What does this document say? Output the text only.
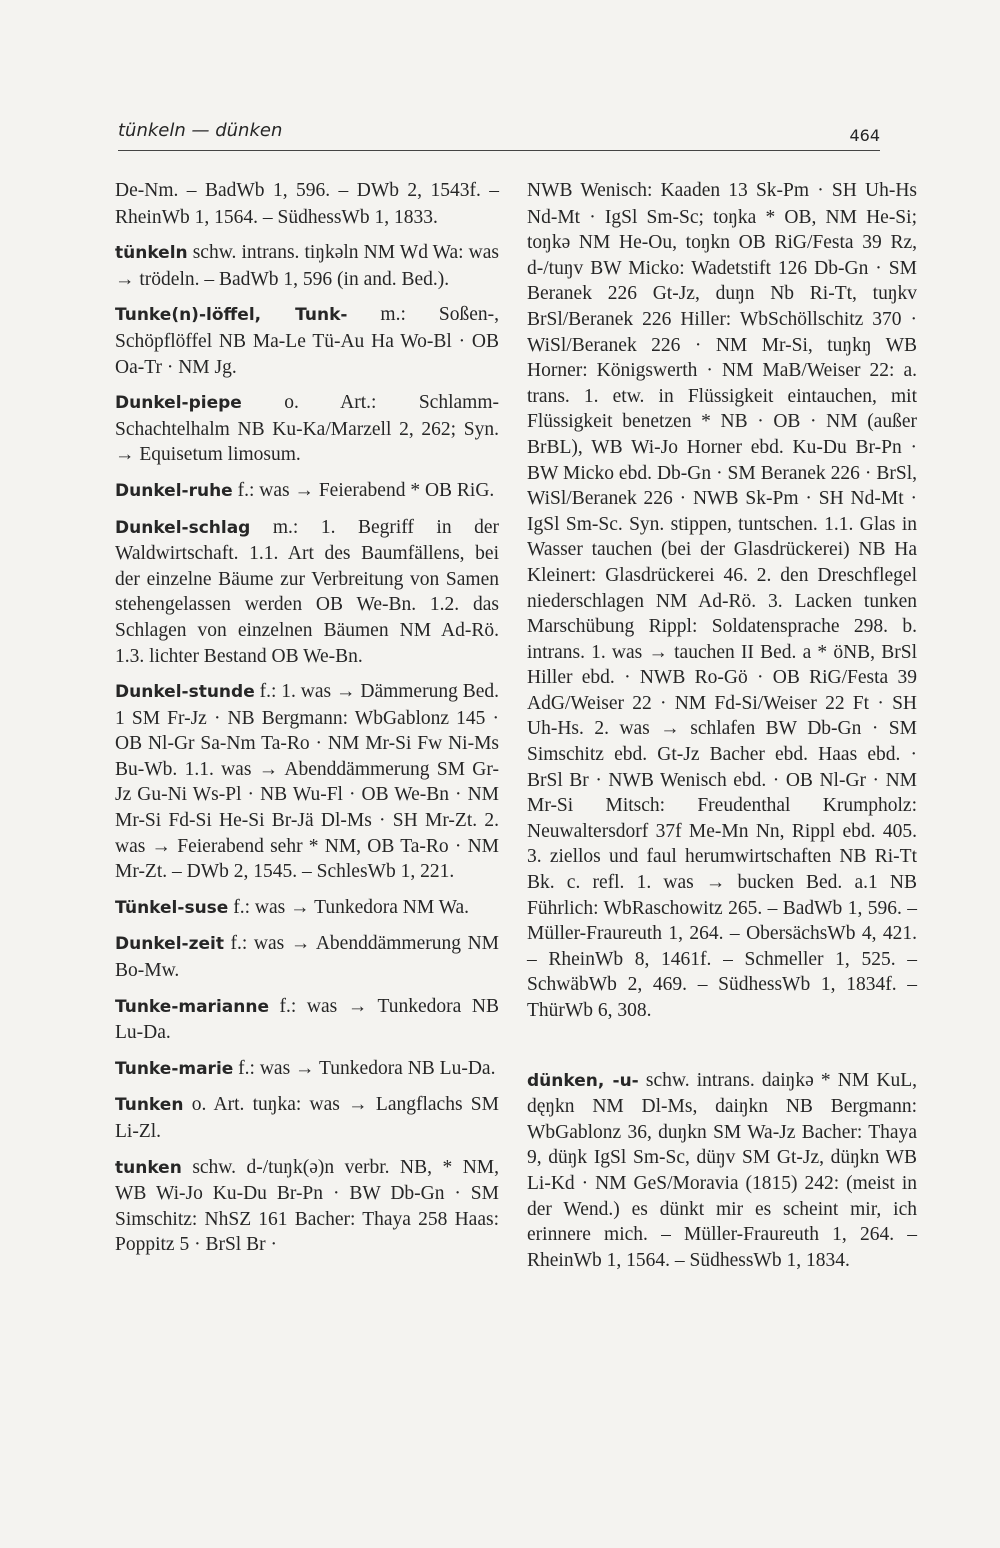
tünkeln — dünken	464

De-Nm. – BadWb 1, 596. – DWb 2, 1543f. – RheinWb 1, 1564. – SüdhessWb 1, 1833.

tünkeln schw. intrans. tiŋkəln NM Wd Wa: was → trödeln. – BadWb 1, 596 (in and. Bed.).

Tunke(n)-löffel, Tunk- m.: Soßen-, Schöpflöffel NB Ma-Le Tü-Au Ha Wo-Bl · OB Oa-Tr · NM Jg.

Dunkel-piepe o. Art.: Schlamm-Schachtelhalm NB Ku-Ka/Marzell 2, 262; Syn. → Equisetum limosum.

Dunkel-ruhe f.: was → Feierabend * OB RiG.

Dunkel-schlag m.: 1. Begriff in der Waldwirtschaft. 1.1. Art des Baumfällens, bei der einzelne Bäume zur Verbreitung von Samen stehengelassen werden OB We-Bn. 1.2. das Schlagen von einzelnen Bäumen NM Ad-Rö. 1.3. lichter Bestand OB We-Bn.

Dunkel-stunde f.: 1. was → Dämmerung Bed. 1 SM Fr-Jz · NB Bergmann: WbGablonz 145 · OB Nl-Gr Sa-Nm Ta-Ro · NM Mr-Si Fw Ni-Ms Bu-Wb. 1.1. was → Abenddämmerung SM Gr-Jz Gu-Ni Ws-Pl · NB Wu-Fl · OB We-Bn · NM Mr-Si Fd-Si He-Si Br-Jä Dl-Ms · SH Mr-Zt. 2. was → Feierabend sehr * NM, OB Ta-Ro · NM Mr-Zt. – DWb 2, 1545. – SchlesWb 1, 221.

Tünkel-suse f.: was → Tunkedora NM Wa.

Dunkel-zeit f.: was → Abenddämmerung NM Bo-Mw.

Tunke-marianne f.: was → Tunkedora NB Lu-Da.

Tunke-marie f.: was → Tunkedora NB Lu-Da.

Tunken o. Art. tuŋka: was → Langflachs SM Li-Zl.

tunken schw. d-/tuŋk(ə)n verbr. NB, * NM, WB Wi-Jo Ku-Du Br-Pn · BW Db-Gn · SM Simschitz: NhSZ 161 Bacher: Thaya 258 Haas: Poppitz 5 · BrSl Br ·

NWB Wenisch: Kaaden 13 Sk-Pm · SH Uh-Hs Nd-Mt · IgSl Sm-Sc; toŋka * OB, NM He-Si; toŋkə NM He-Ou, toŋkn OB RiG/Festa 39 Rz, d-/tuŋv BW Micko: Wadetstift 126 Db-Gn · SM Beranek 226 Gt-Jz, duŋn Nb Ri-Tt, tuŋkv BrSl/Beranek 226 Hiller: WbSchöllschitz 370 · WiSl/Beranek 226 · NM Mr-Si, tuŋkŋ WB Horner: Königswerth · NM MaB/Weiser 22: a. trans. 1. etw. in Flüssigkeit eintauchen, mit Flüssigkeit benetzen * NB · OB · NM (außer BrBL), WB Wi-Jo Horner ebd. Ku-Du Br-Pn · BW Micko ebd. Db-Gn · SM Beranek 226 · BrSl, WiSl/Beranek 226 · NWB Sk-Pm · SH Nd-Mt · IgSl Sm-Sc. Syn. stippen, tuntschen. 1.1. Glas in Wasser tauchen (bei der Glasdrückerei) NB Ha Kleinert: Glasdrückerei 46. 2. den Dreschflegel niederschlagen NM Ad-Rö. 3. Lacken tunken Marschübung Rippl: Soldatensprache 298. b. intrans. 1. was → tauchen II Bed. a * öNB, BrSl Hiller ebd. · NWB Ro-Gö · OB RiG/Festa 39 AdG/Weiser 22 · NM Fd-Si/Weiser 22 Ft · SH Uh-Hs. 2. was → schlafen BW Db-Gn · SM Simschitz ebd. Gt-Jz Bacher ebd. Haas ebd. · BrSl Br · NWB Wenisch ebd. · OB Nl-Gr · NM Mr-Si Mitsch: Freudenthal Krumpholz: Neuwaltersdorf 37f Me-Mn Nn, Rippl ebd. 405. 3. ziellos und faul herumwirtschaften NB Ri-Tt Bk. c. refl. 1. was → bucken Bed. a.1 NB Führlich: WbRaschowitz 265. – BadWb 1, 596. – Müller-Fraureuth 1, 264. – ObersächsWb 4, 421. – RheinWb 8, 1461f. – Schmeller 1, 525. – SchwäbWb 2, 469. – SüdhessWb 1, 1834f. – ThürWb 6, 308.

dünken, -u- schw. intrans. daiŋkə * NM KuL, dęŋkn NM Dl-Ms, daiŋkn NB Bergmann: WbGablonz 36, duŋkn SM Wa-Jz Bacher: Thaya 9, düŋk IgSl Sm-Sc, düŋv SM Gt-Jz, düŋkn WB Li-Kd · NM GeS/Moravia (1815) 242: (meist in der Wend.) es dünkt mir es scheint mir, ich erinnere mich. – Müller-Fraureuth 1, 264. – RheinWb 1, 1564. – SüdhessWb 1, 1834.
